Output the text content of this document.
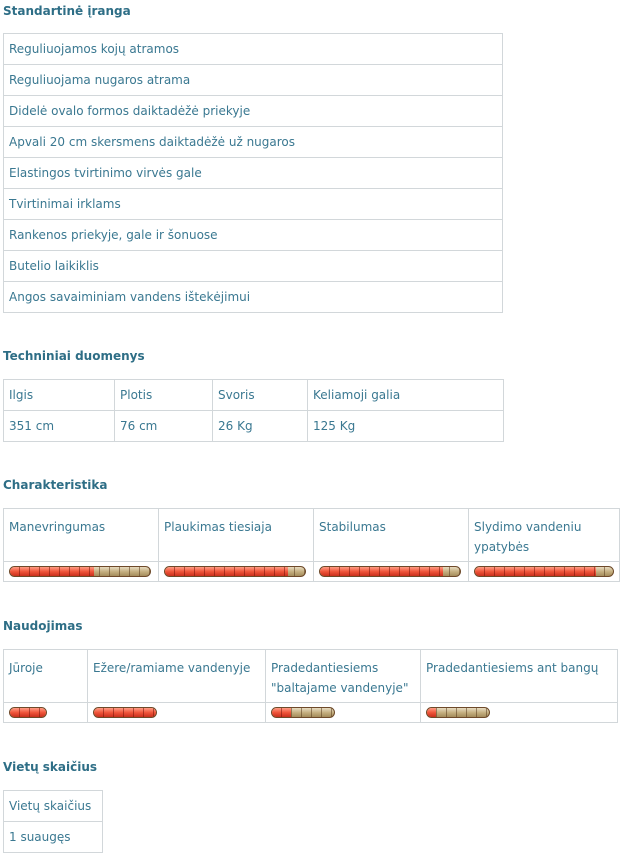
Standartinė įranga
Reguliuojamos kojų atramos
Reguliuojama nugaros atrama
Didelė ovalo formos daiktadėžė priekyje
Apvali 20 cm skersmens daiktadėžė už nugaros
Elastingos tvirtinimo virvės gale
Tvirtinimai irklams
Rankenos priekyje, gale ir šonuose
Butelio laikiklis
Angos savaiminiam vandens ištekėjimui
Techniniai duomenys
Ilgis	Plotis	Svoris	Keliamoji galia
351 cm	76 cm	26 Kg	125 Kg
Charakteristika
Manevringumas	Plaukimas tiesiaja	Stabilumas	Slydimo vandeniu ypatybės

Naudojimas
Jūroje	Ežere/ramiame vandenyje	Pradedantiesiems "baltajame vandenyje"	Pradedantiesiems ant bangų

Vietų skaičius
Vietų skaičius
1 suaugęs
